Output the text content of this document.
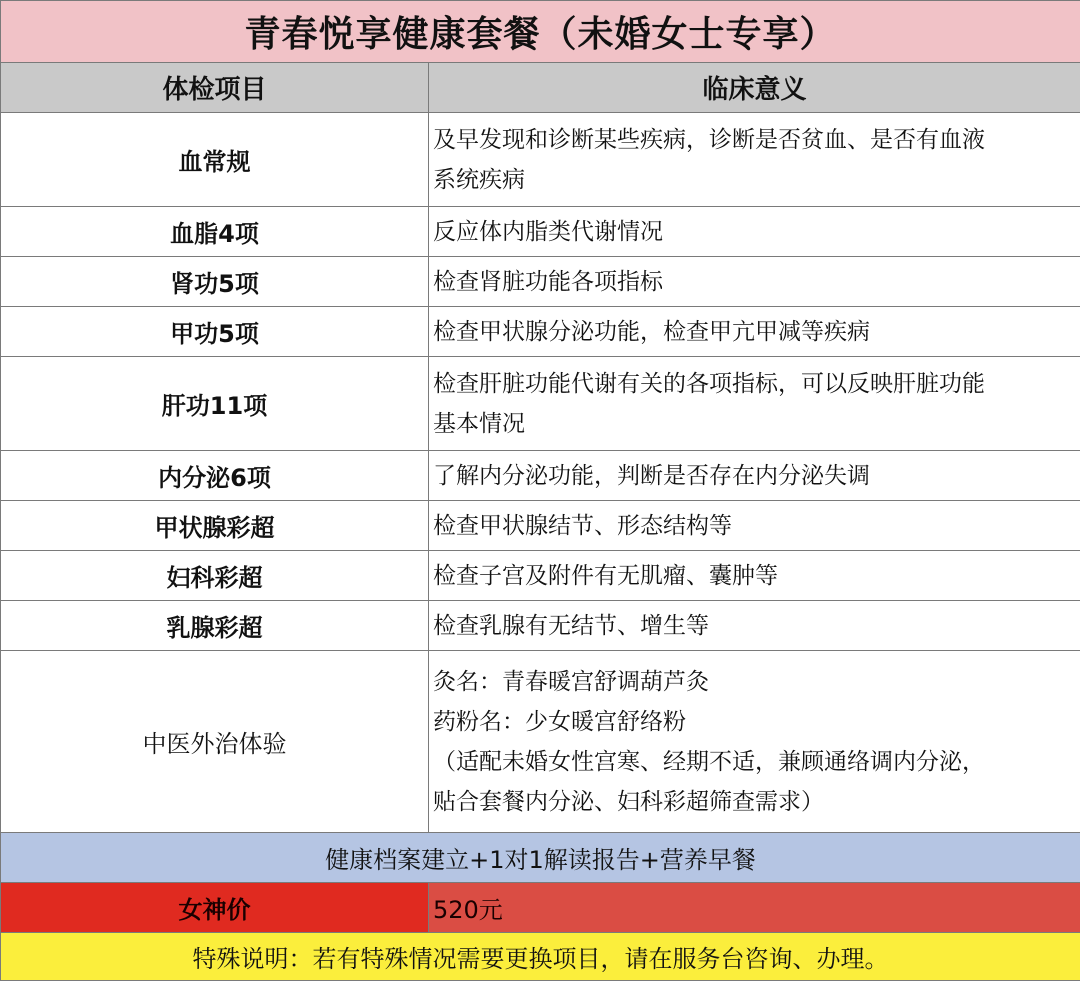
青春悦享健康套餐（未婚女士专享）	
体检项目	临床意义
血常规	及早发现和诊断某些疾病，诊断是否贫血、是否有血液
系统疾病

血脂4项	反应体内脂类代谢情况

肾功5项	检查肾脏功能各项指标

甲功5项	检查甲状腺分泌功能，检查甲亢甲减等疾病

肝功11项	检查肝脏功能代谢有关的各项指标，可以反映肝脏功能
基本情况

内分泌6项	了解内分泌功能，判断是否存在内分泌失调

甲状腺彩超	检查甲状腺结节、形态结构等

妇科彩超	检查子宫及附件有无肌瘤、囊肿等

乳腺彩超	检查乳腺有无结节、增生等

中医外治体验	灸名：青春暖宫舒调葫芦灸
药粉名：少女暖宫舒络粉
（适配未婚女性宫寒、经期不适，兼顾通络调内分泌，
贴合套餐内分泌、妇科彩超筛查需求）

健康档案建立+1对1解读报告+营养早餐	
女神价	520元
特殊说明：若有特殊情况需要更换项目，请在服务台咨询、办理。	
